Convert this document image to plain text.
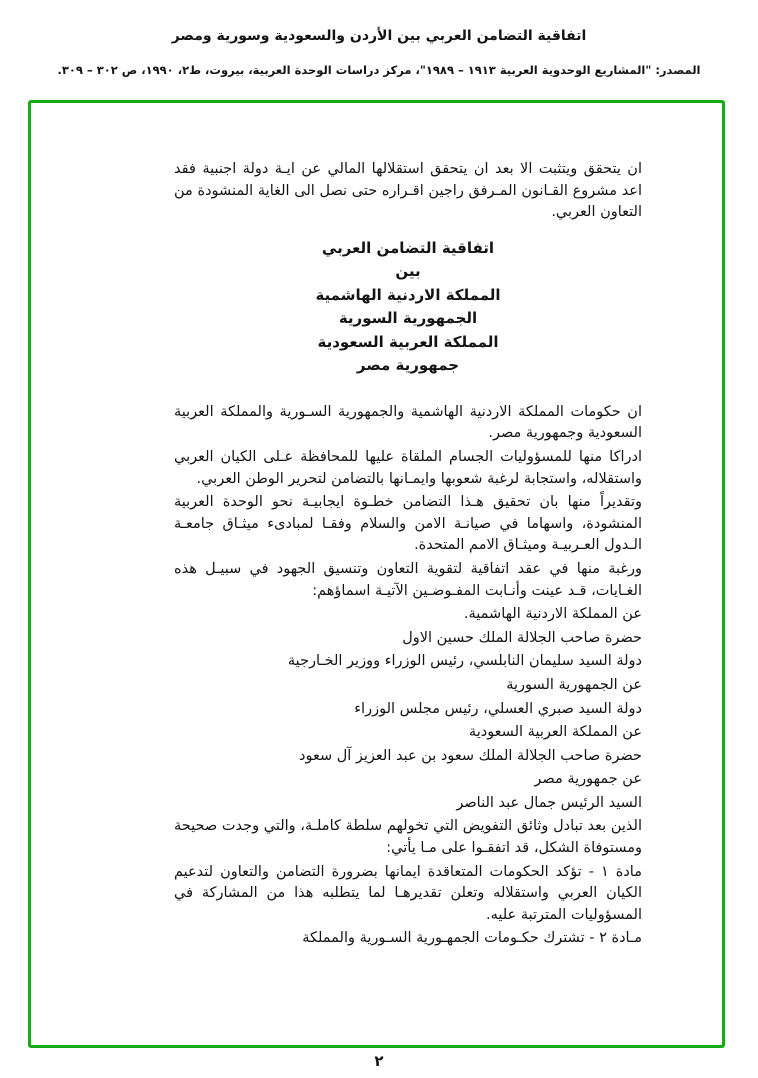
اتفاقية التضامن العربي بين الأردن والسعودية وسورية ومصر
المصدر: "المشاريع الوحدوية العربية ١٩١٣ – ١٩٨٩"، مركز دراسات الوحدة العربية، بيروت، ط٢، ١٩٩٠، ص ٣٠٢ – ٣٠٩.
ان يتحقق ويتثبت الا بعد ان يتحقق استقلالها المالي عن ايـة دولة اجنبية فقد اعد مشروع القـانون المـرفق راجين اقـراره حتى نصل الى الغاية المنشودة من التعاون العربي.
اتفاقية التضامن العربي
بين
المملكة الاردنية الهاشمية
الجمهورية السورية
المملكة العربية السعودية
جمهورية مصر
ان حكومات المملكة الاردنية الهاشمية والجمهورية السـورية والمملكة العربية السعودية وجمهورية مصر.
ادراكا منها للمسؤوليات الجسام الملقاة عليها للمحافظة عـلى الكيان العربي واستقلاله، واستجابة لرغبة شعوبها وايمـانها بالتضامن لتحرير الوطن العربي.
وتقديراً منها بان تحقيق هـذا التضامن خطـوة ايجابيـة نحو الوحدة العربية المنشودة، واسهاما في صيانـة الامن والسلام وفقـا لمبادىء ميثـاق جامعـة الـدول العـربيـة وميثـاق الامم المتحدة.
ورغبة منها في عقد اتفاقية لتقوية التعاون وتنسيق الجهود في سبيـل هذه الغـايات، قـد عينت وأنـابت المفـوضـين الآتيـة اسماؤهم:
عن المملكة الاردنية الهاشمية.
حضرة صاحب الجلالة الملك حسين الاول
دولة السيد سليمان النابلسي، رئيس الوزراء ووزير الخـارجية
عن الجمهورية السورية
دولة السيد صبري العسلي، رئيس مجلس الوزراء
عن المملكة العربية السعودية
حضرة صاحب الجلالة الملك سعود بن عبد العزيز آل سعود
عن جمهورية مصر
السيد الرئيس جمال عبد الناصر
الذين بعد تبادل وثائق التفويض التي تخولهم سلطة كاملـة، والتي وجدت صحيحة ومستوفاة الشكل، قد اتفقـوا على مـا يأتي:
مادة ١ - تؤكد الحكومات المتعاقدة ايمانها بضرورة التضامن والتعاون لتدعيم الكيان العربي واستقلاله وتعلن تقديرهـا لما يتطلبه هذا من المشاركة في المسؤوليات المترتبة عليه.
مـادة ٢ - تشترك حكـومات الجمهـورية السـورية والمملكة
٢
